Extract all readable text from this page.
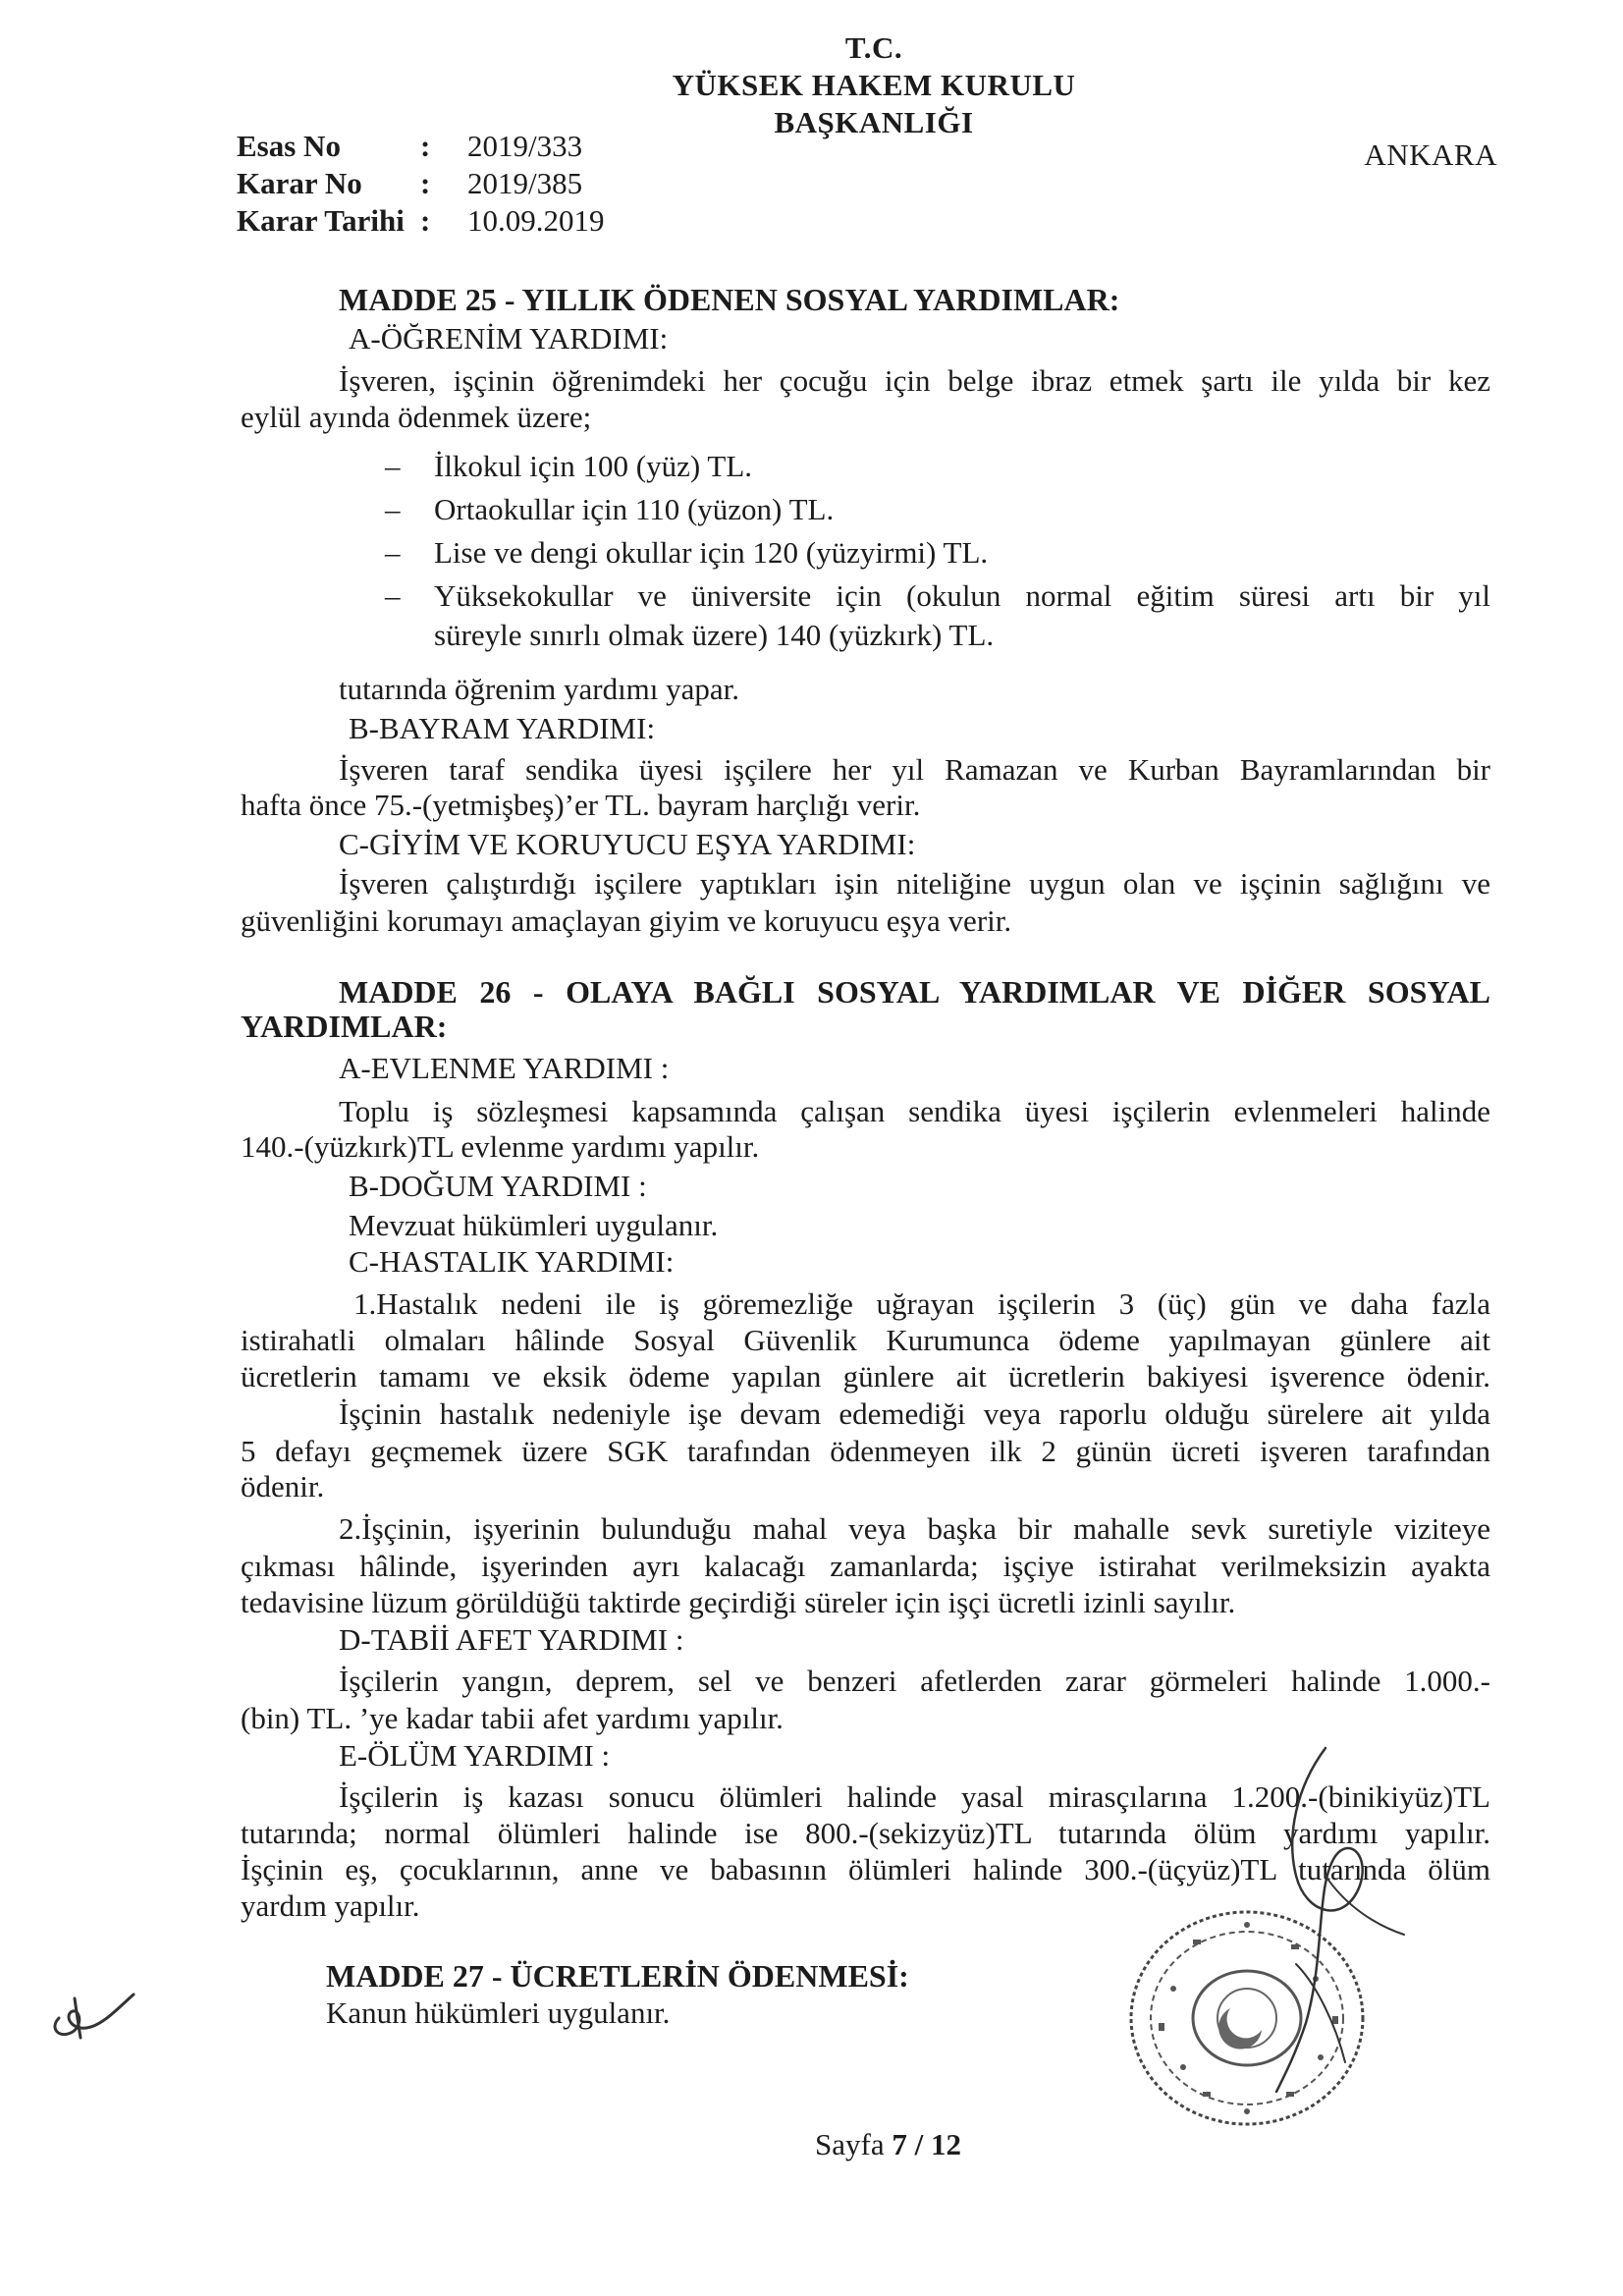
T.C.
YÜKSEK HAKEM KURULU
BAŞKANLIĞI
Esas No	:	2019/333
Karar No	:	2019/385
Karar Tarihi :	10.09.2019
ANKARA
MADDE 25 - YILLIK ÖDENEN SOSYAL YARDIMLAR:
A-ÖĞRENİM YARDIMI:
İşveren, işçinin öğrenimdeki her çocuğu için belge ibraz etmek şartı ile yılda bir kez
eylül ayında ödenmek üzere;
– İlkokul için 100 (yüz) TL.
– Ortaokullar için 110 (yüzon) TL.
– Lise ve dengi okullar için 120 (yüzyirmi) TL.
– Yüksekokullar ve üniversite için (okulun normal eğitim süresi artı bir yıl
süreyle sınırlı olmak üzere) 140 (yüzkırk) TL.
tutarında öğrenim yardımı yapar.
B-BAYRAM YARDIMI:
İşveren taraf sendika üyesi işçilere her yıl Ramazan ve Kurban Bayramlarından bir
hafta önce 75.-(yetmişbeş)’er TL. bayram harçlığı verir.
C-GİYİM VE KORUYUCU EŞYA YARDIMI:
İşveren çalıştırdığı işçilere yaptıkları işin niteliğine uygun olan ve işçinin sağlığını ve
güvenliğini korumayı amaçlayan giyim ve koruyucu eşya verir.
MADDE 26 - OLAYA BAĞLI SOSYAL YARDIMLAR VE DİĞER SOSYAL
YARDIMLAR:
A-EVLENME YARDIMI :
Toplu iş sözleşmesi kapsamında çalışan sendika üyesi işçilerin evlenmeleri halinde
140.-(yüzkırk)TL evlenme yardımı yapılır.
B-DOĞUM YARDIMI :
Mevzuat hükümleri uygulanır.
C-HASTALIK YARDIMI:
1.Hastalık nedeni ile iş göremezliğe uğrayan işçilerin 3 (üç) gün ve daha fazla
istirahatli olmaları hâlinde Sosyal Güvenlik Kurumunca ödeme yapılmayan günlere ait
ücretlerin tamamı ve eksik ödeme yapılan günlere ait ücretlerin bakiyesi işverence ödenir.
İşçinin hastalık nedeniyle işe devam edemediği veya raporlu olduğu sürelere ait yılda
5 defayı geçmemek üzere SGK tarafından ödenmeyen ilk 2 günün ücreti işveren tarafından
ödenir.
2.İşçinin, işyerinin bulunduğu mahal veya başka bir mahalle sevk suretiyle viziteye
çıkması hâlinde, işyerinden ayrı kalacağı zamanlarda; işçiye istirahat verilmeksizin ayakta
tedavisine lüzum görüldüğü taktirde geçirdiği süreler için işçi ücretli izinli sayılır.
D-TABİİ AFET YARDIMI :
İşçilerin yangın, deprem, sel ve benzeri afetlerden zarar görmeleri halinde 1.000.-
(bin) TL. ’ye kadar tabii afet yardımı yapılır.
E-ÖLÜM YARDIMI :
İşçilerin iş kazası sonucu ölümleri halinde yasal mirasçılarına 1.200.-(binikiyüz)TL
tutarında; normal ölümleri halinde ise 800.-(sekizyüz)TL tutarında ölüm yardımı yapılır.
İşçinin eş, çocuklarının, anne ve babasının ölümleri halinde 300.-(üçyüz)TL tutarında ölüm
yardım yapılır.
MADDE 27 - ÜCRETLERİN ÖDENMESİ:
Kanun hükümleri uygulanır.
Sayfa 7 / 12
